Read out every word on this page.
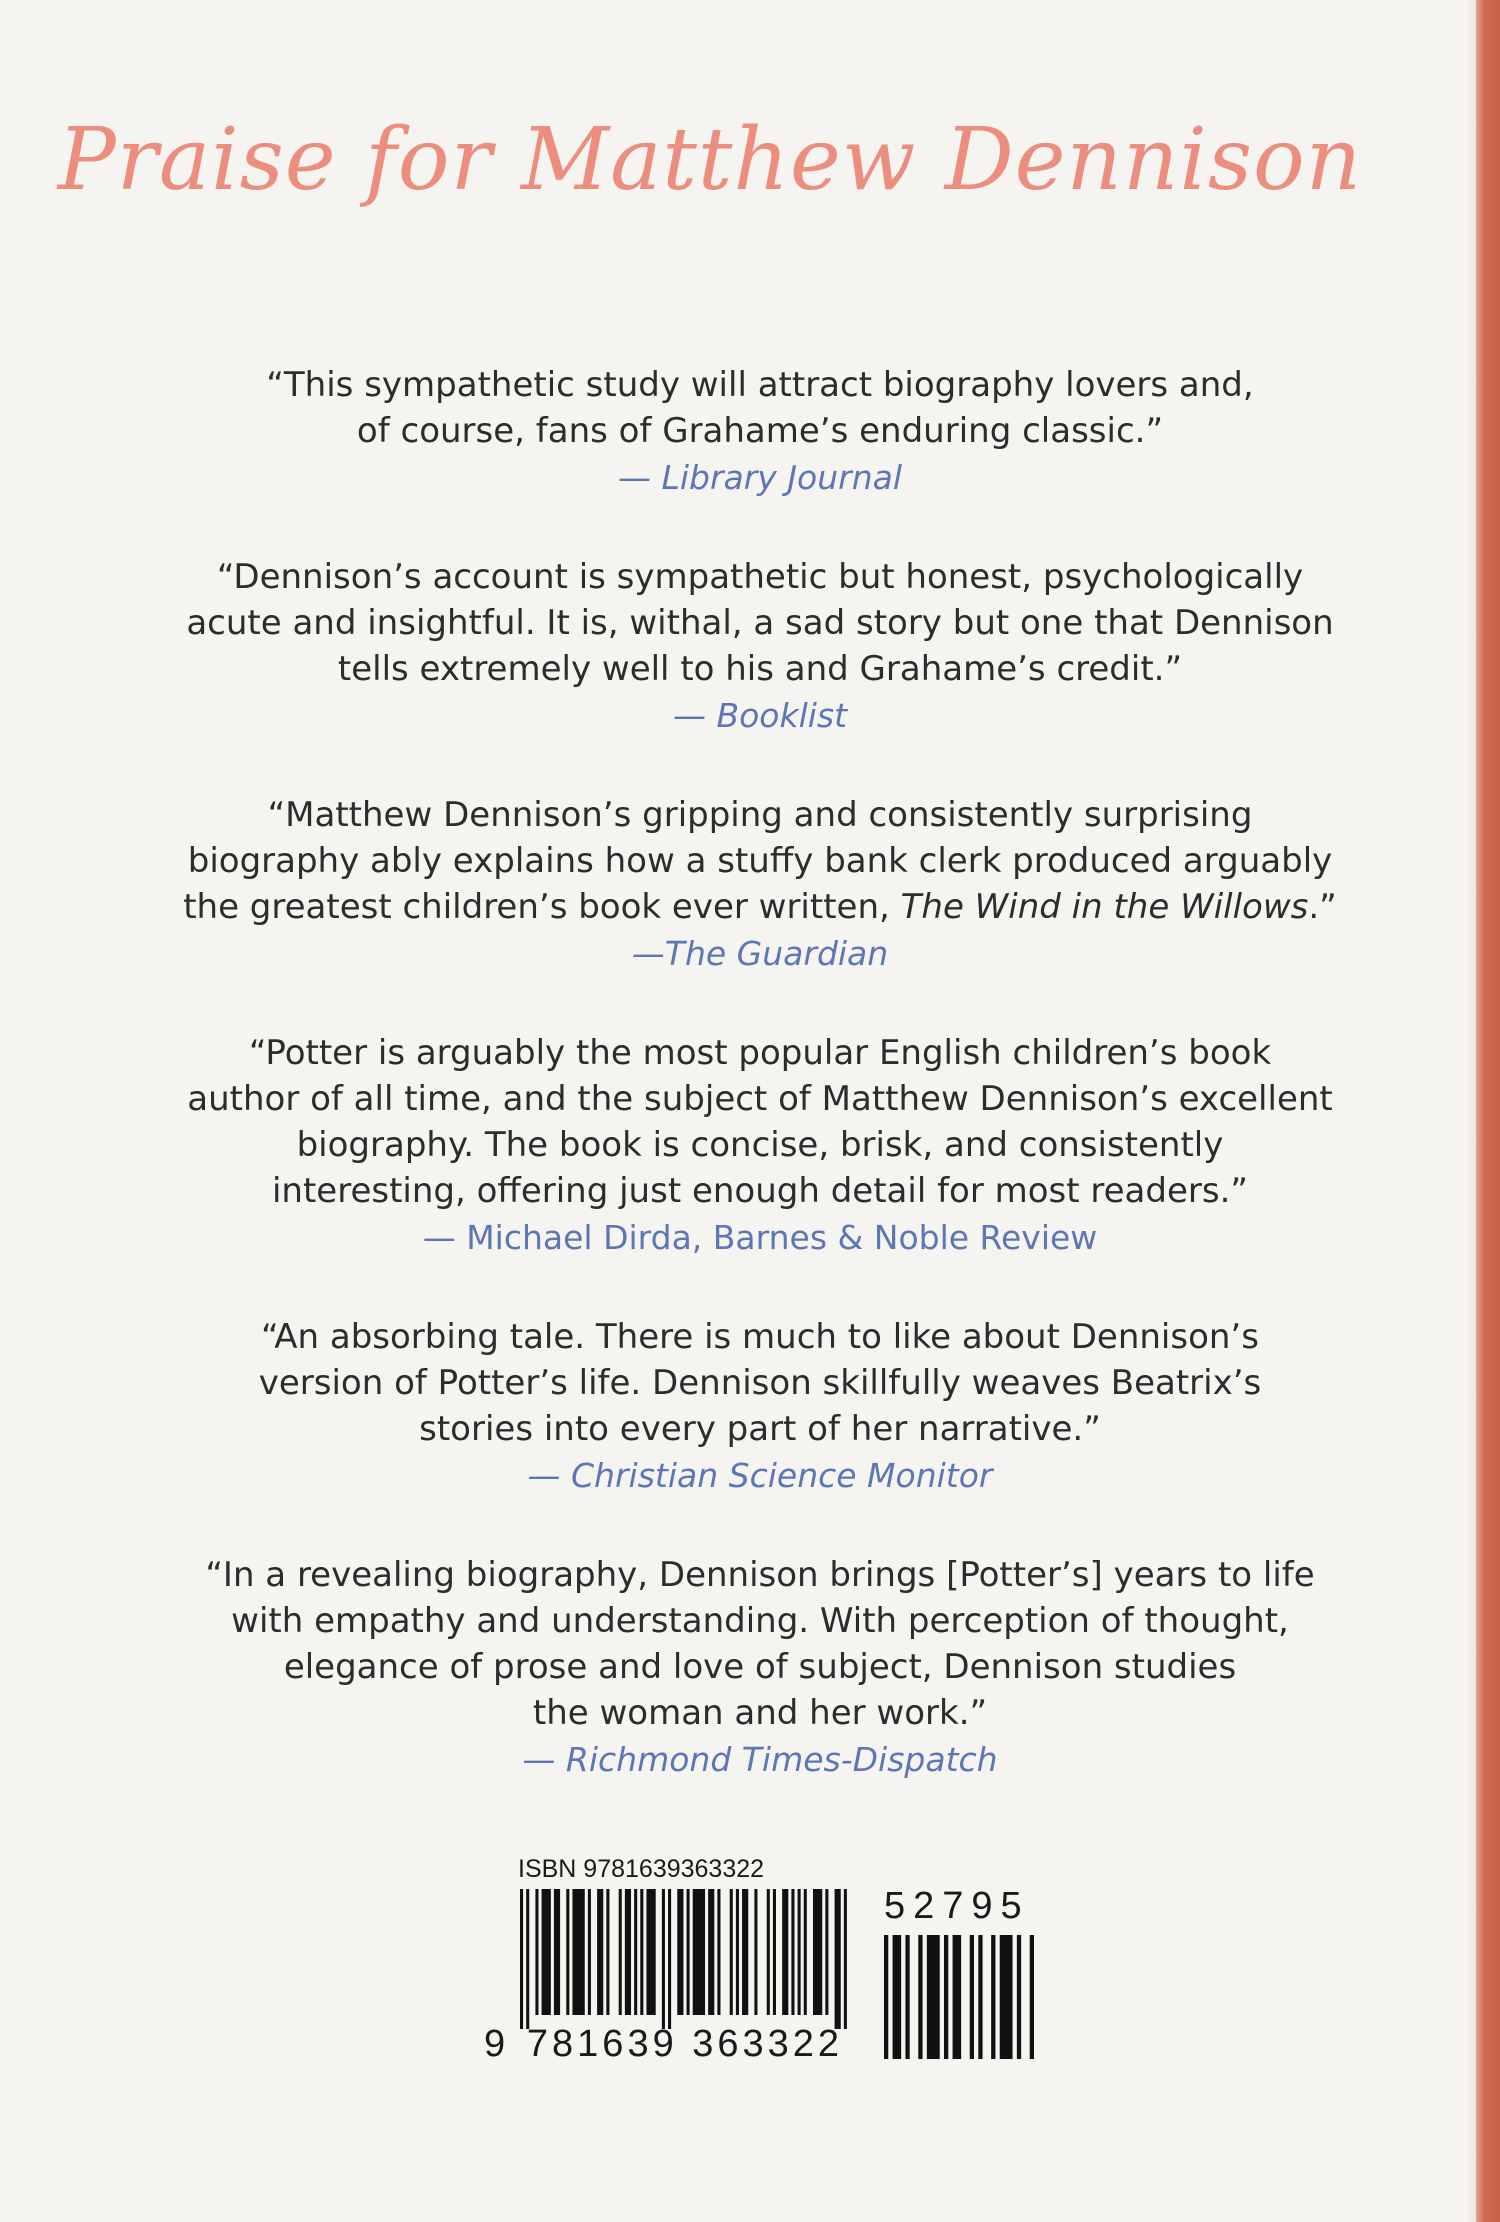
Praise for Matthew Dennison
“This sympathetic study will attract biography lovers and,
of course, fans of Grahame’s enduring classic.”
— Library Journal
“Dennison’s account is sympathetic but honest, psychologically
acute and insightful. It is, withal, a sad story but one that Dennison
tells extremely well to his and Grahame’s credit.”
— Booklist
“Matthew Dennison’s gripping and consistently surprising
biography ably explains how a stuffy bank clerk produced arguably
the greatest children’s book ever written, The Wind in the Willows.”
—The Guardian
“Potter is arguably the most popular English children’s book
author of all time, and the subject of Matthew Dennison’s excellent
biography. The book is concise, brisk, and consistently
interesting, offering just enough detail for most readers.”
— Michael Dirda, Barnes & Noble Review
“An absorbing tale. There is much to like about Dennison’s
version of Potter’s life. Dennison skillfully weaves Beatrix’s
stories into every part of her narrative.”
— Christian Science Monitor
“In a revealing biography, Dennison brings [Potter’s] years to life
with empathy and understanding. With perception of thought,
elegance of prose and love of subject, Dennison studies
the woman and her work.”
— Richmond Times-Dispatch
ISBN 9781639363322
52795
9 781639 363322
